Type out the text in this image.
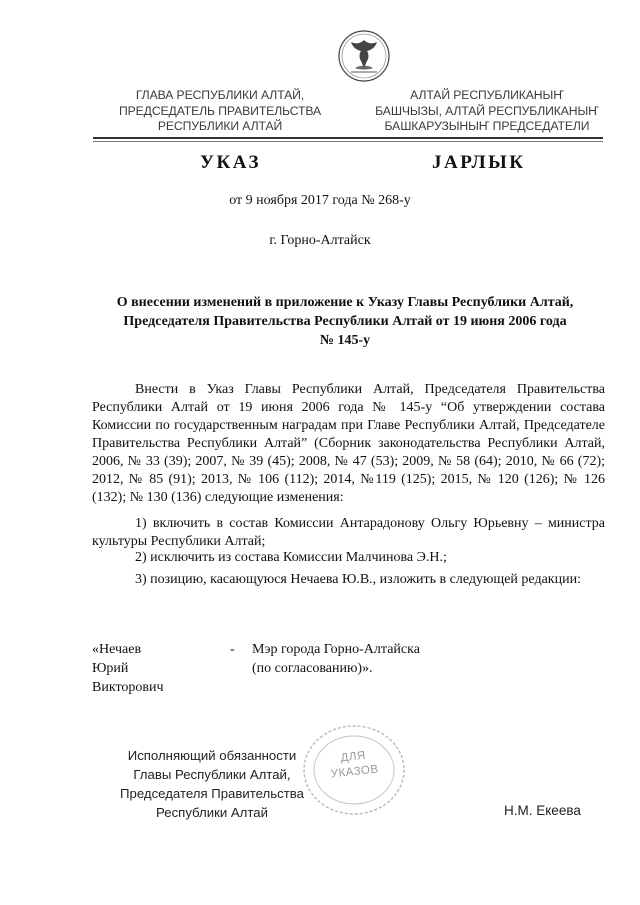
ГЛАВА РЕСПУБЛИКИ АЛТАЙ,

ПРЕДСЕДАТЕЛЬ ПРАВИТЕЛЬСТВА

РЕСПУБЛИКИ АЛТАЙ

АЛТАЙ РЕСПУБЛИКАНЫҤ

БАШЧЫЗЫ, АЛТАЙ РЕСПУБЛИКАНЫҤ

БАШКАРУЗЫНЫҤ ПРЕДСЕДАТЕЛИ

УКАЗ	ЈАРЛЫК
от 9 ноября 2017 года № 268-у
г. Горно-Алтайск
О внесении изменений в приложение к Указу Главы Республики Алтай,
Председателя Правительства Республики Алтай от 19 июня 2006 года
№ 145-у
Внести в Указ Главы Республики Алтай, Председателя Правительства Республики Алтай от 19 июня 2006 года № 145-у “Об утверждении состава Комиссии по государственным наградам при Главе Республики Алтай, Председателе Правительства Республики Алтай” (Сборник законодательства Республики Алтай, 2006, № 33 (39); 2007, № 39 (45); 2008, № 47 (53); 2009, № 58 (64); 2010, № 66 (72); 2012, № 85 (91); 2013, № 106 (112); 2014, №119 (125); 2015, № 120 (126); № 126 (132); № 130 (136) следующие изменения:
1) включить в состав Комиссии Антарадонову Ольгу Юрьевну – министра культуры Республики Алтай;
2) исключить из состава Комиссии Малчинова Э.Н.;
3) позицию, касающуюся Нечаева Ю.В., изложить в следующей редакции:
«Нечаев
Юрий
Викторович
- Мэр города Горно-Алтайска
(по согласованию)».
Исполняющий обязанности
Главы Республики Алтай,
Председателя Правительства
Республики Алтай
ДЛЯ
УКАЗОВ
Н.М. Екеева
